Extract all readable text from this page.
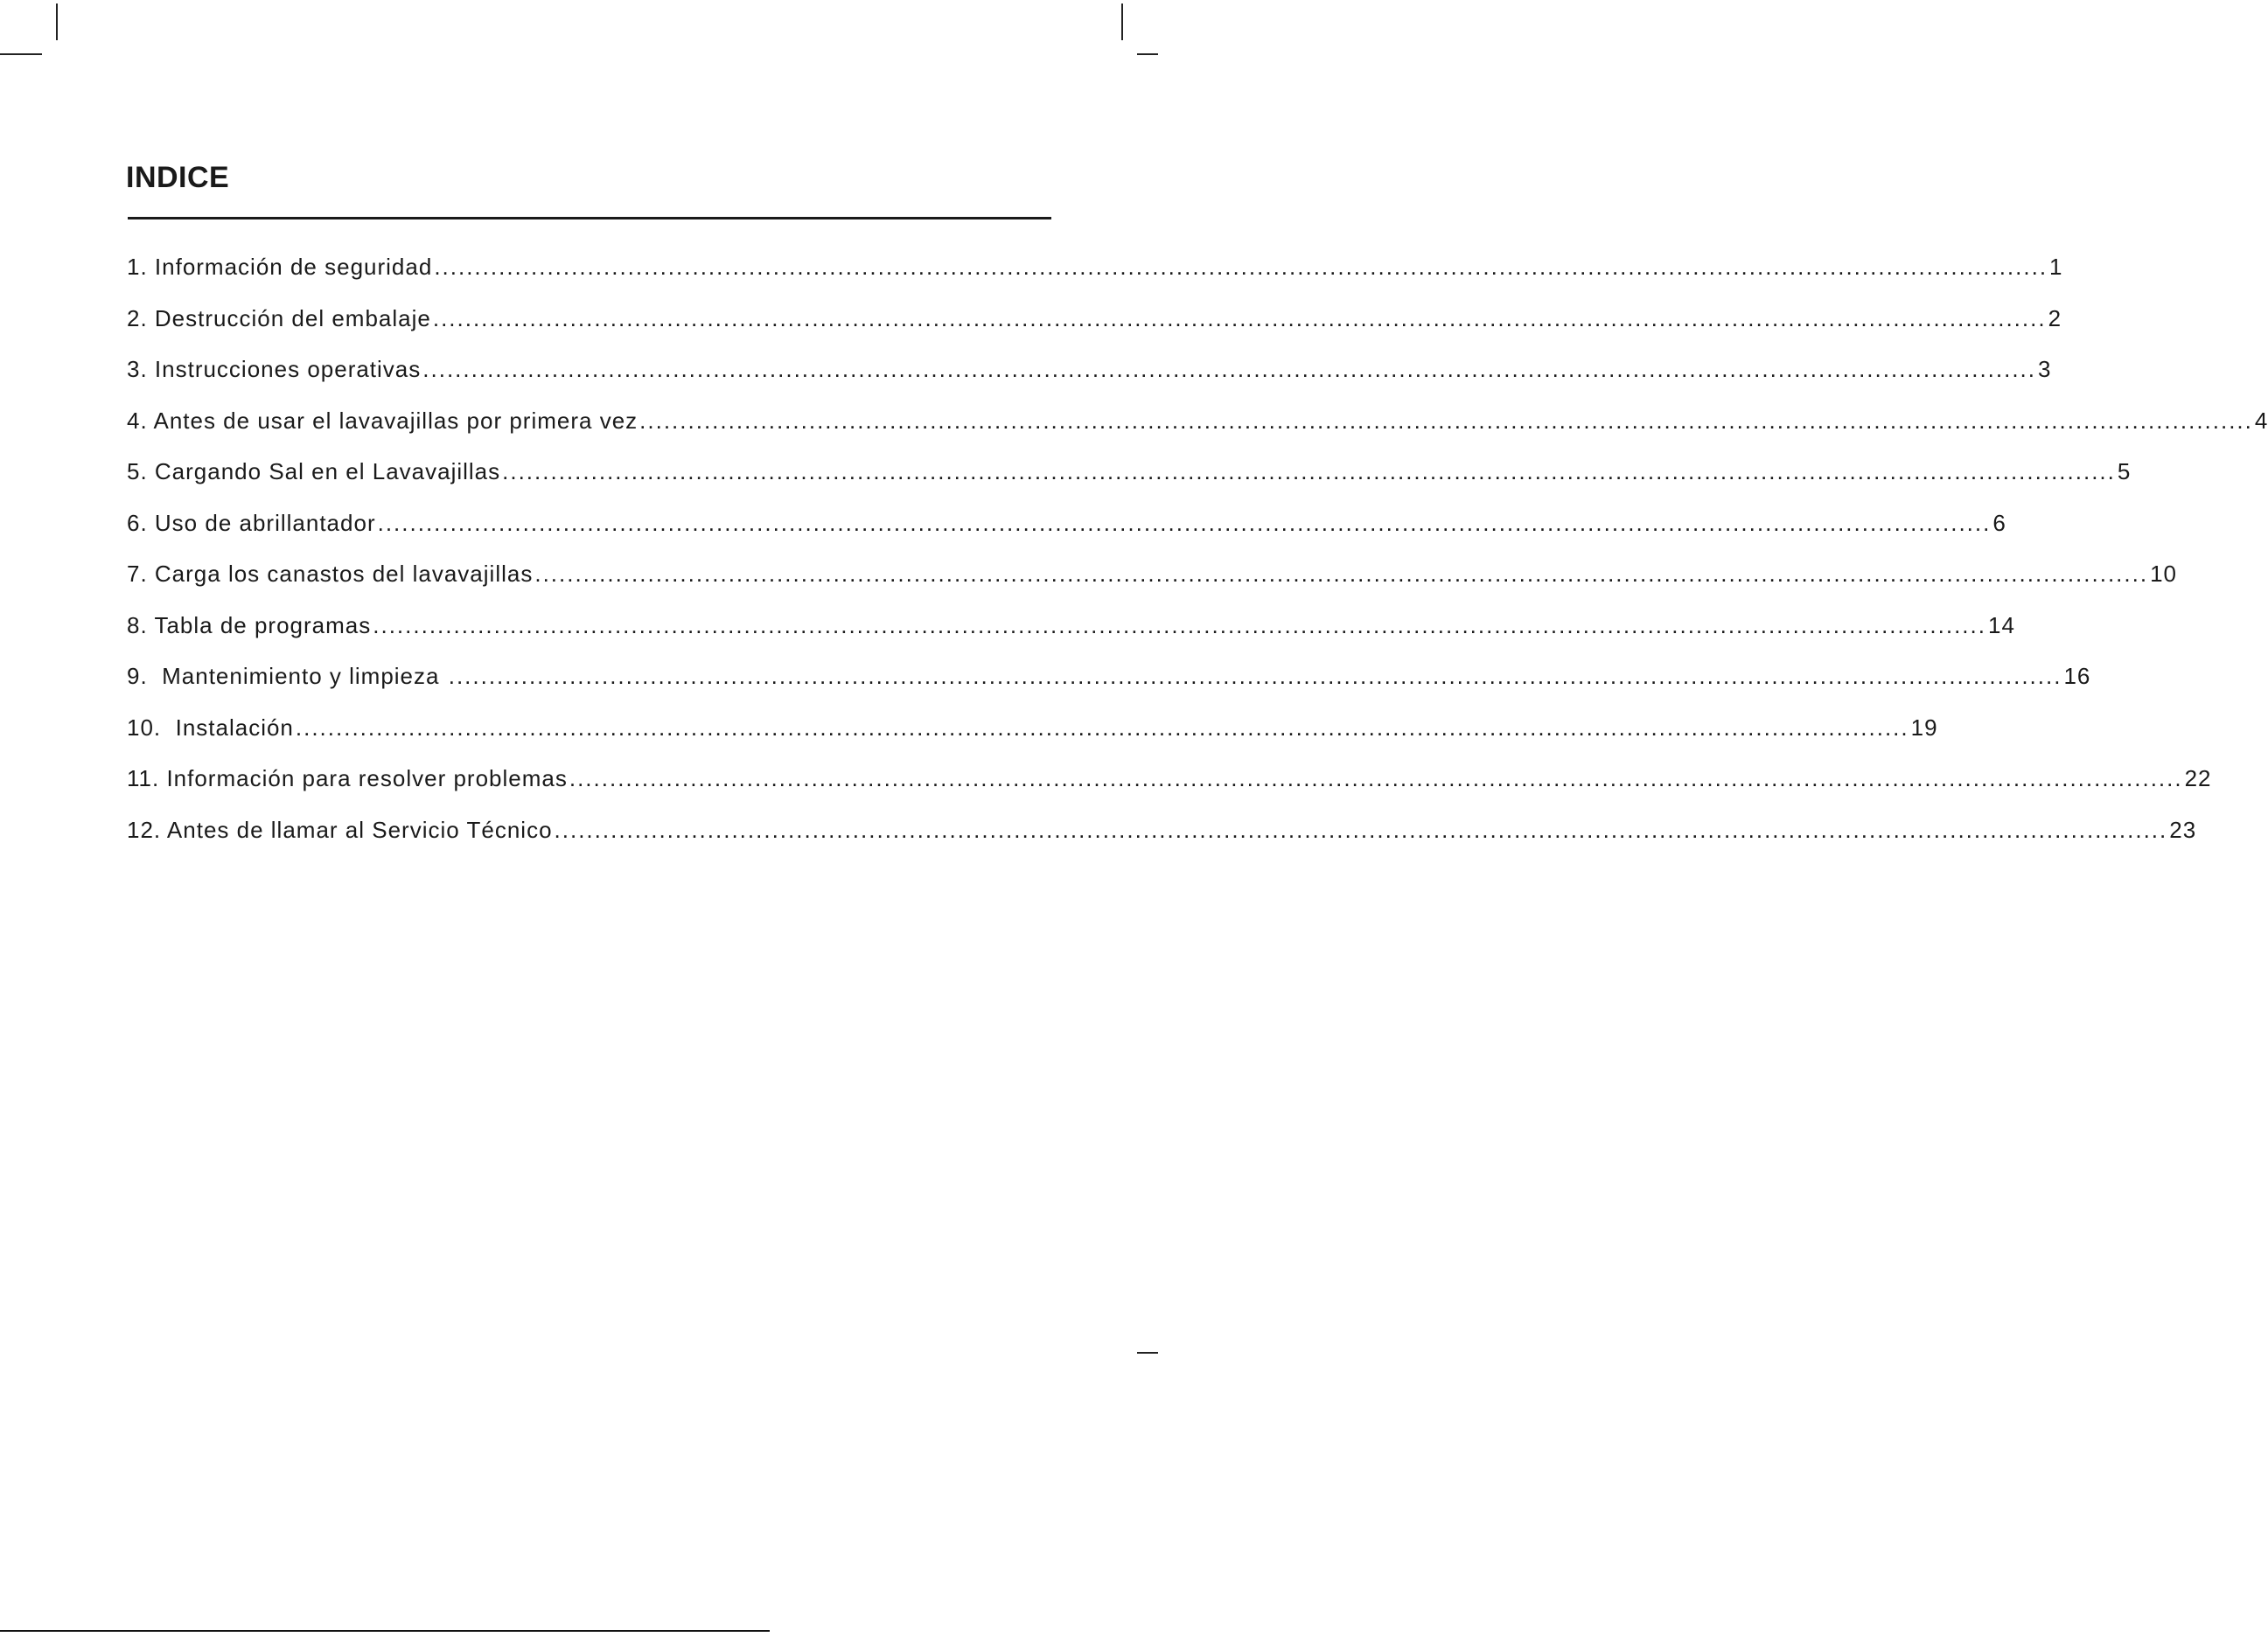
INDICE
1. Información de seguridad ........................................................................................................................................................................................................ 1
2. Destrucción del embalaje ........................................................................................................................................................................................................ 2
3. Instrucciones operativas ........................................................................................................................................................................................................ 3
4. Antes de usar el lavavajillas por primera vez ........................................................................................................................................................................................................ 4
5. Cargando Sal en el Lavavajillas ........................................................................................................................................................................................................ 5
6. Uso de abrillantador ........................................................................................................................................................................................................ 6
7. Carga los canastos del lavavajillas ........................................................................................................................................................................................................ 10
8. Tabla de programas ........................................................................................................................................................................................................ 14
9.  Mantenimiento y limpieza ........................................................................................................................................................................................................ 16
10.  Instalación ........................................................................................................................................................................................................ 19
11. Información para resolver problemas ........................................................................................................................................................................................................ 22
12. Antes de llamar al Servicio Técnico ........................................................................................................................................................................................................ 23
